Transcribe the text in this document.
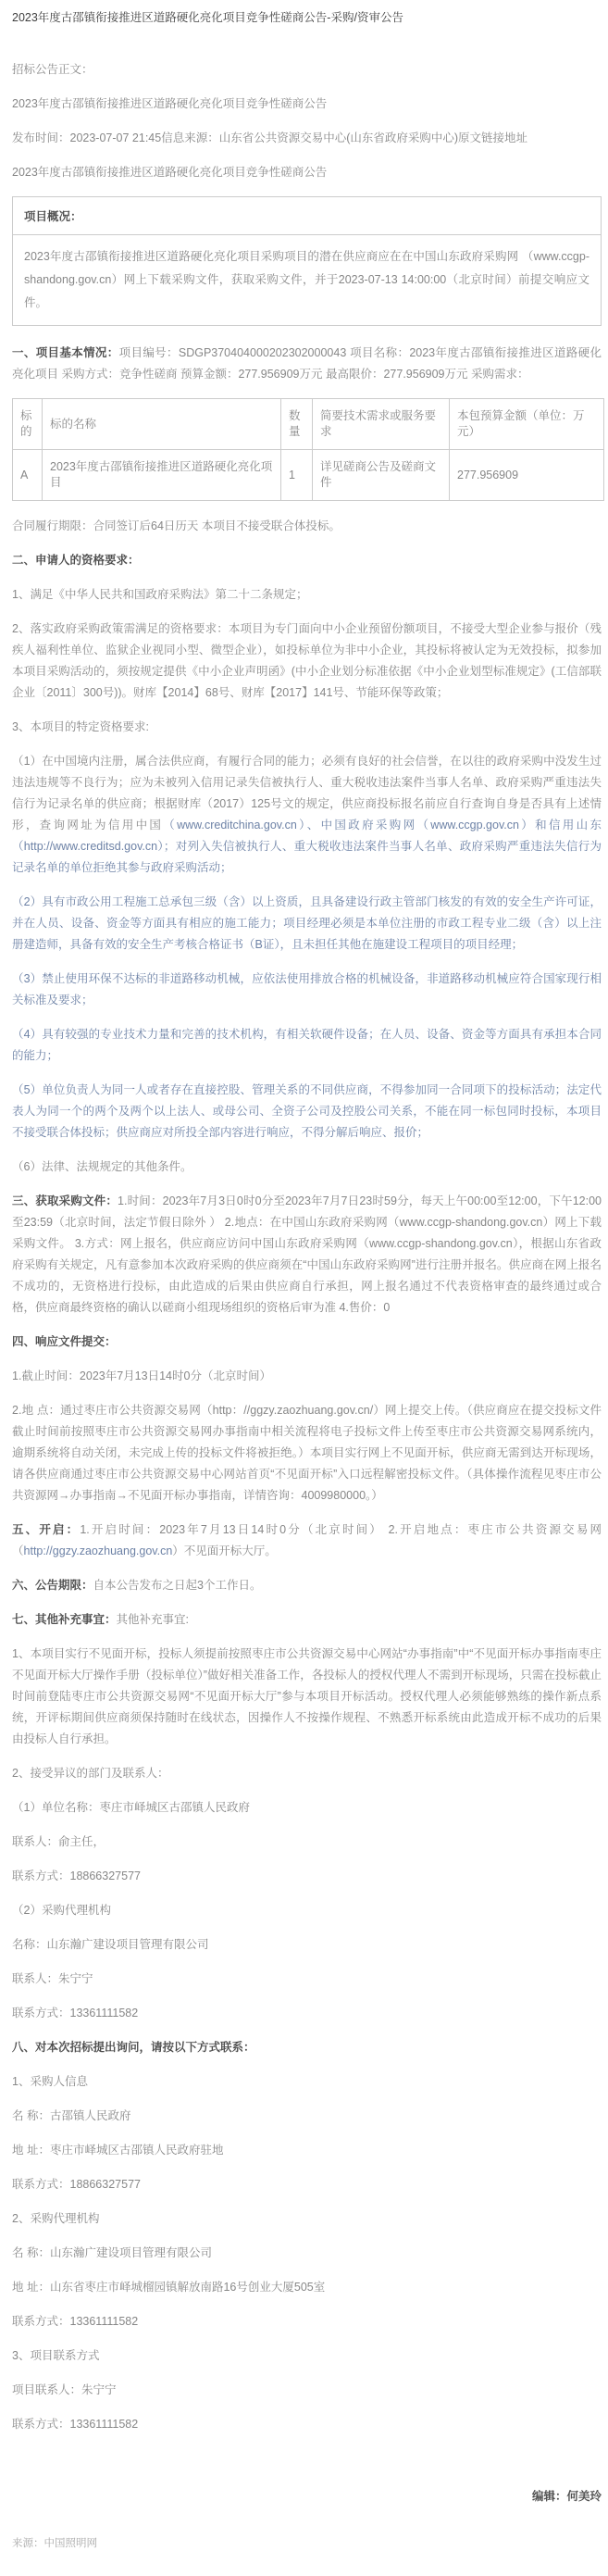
2023年度古邵镇衔接推进区道路硬化亮化项目竞争性磋商公告-采购/资审公告

招标公告正文：

2023年度古邵镇衔接推进区道路硬化亮化项目竞争性磋商公告

发布时间：2023-07-07 21:45信息来源：山东省公共资源交易中心(山东省政府采购中心)原文链接地址

2023年度古邵镇衔接推进区道路硬化亮化项目竞争性磋商公告

项目概况：
2023年度古邵镇衔接推进区道路硬化亮化项目采购项目的潜在供应商应在在中国山东政府采购网 （www.ccgp-shandong.gov.cn）网上下载采购文件，获取采购文件，并于2023-07-13 14:00:00（北京时间）前提交响应文件。

一、项目基本情况：项目编号：SDGP370404000202302000043 项目名称：2023年度古邵镇衔接推进区道路硬化亮化项目 采购方式：竞争性磋商 预算金额：277.956909万元 最高限价：277.956909万元 采购需求：

标的	标的名称	数量	简要技术需求或服务要求	本包预算金额（单位：万元）
A	2023年度古邵镇衔接推进区道路硬化亮化项目	1	详见磋商公告及磋商文件	277.956909

合同履行期限：合同签订后64日历天 本项目不接受联合体投标。

二、申请人的资格要求：

1、满足《中华人民共和国政府采购法》第二十二条规定；

2、落实政府采购政策需满足的资格要求：本项目为专门面向中小企业预留份额项目，不接受大型企业参与报价（残疾人福利性单位、监狱企业视同小型、微型企业），如投标单位为非中小企业，其投标将被认定为无效投标，拟参加本项目采购活动的，须按规定提供《中小企业声明函》(中小企业划分标准依据《中小企业划型标准规定》(工信部联企业〔2011〕300号))。财库【2014】68号、财库【2017】141号、节能环保等政策；

3、本项目的特定资格要求:

（1）在中国境内注册，属合法供应商，有履行合同的能力；必须有良好的社会信誉，在以往的政府采购中没发生过违法违规等不良行为；应为未被列入信用记录失信被执行人、重大税收违法案件当事人名单、政府采购严重违法失信行为记录名单的供应商；根据财库（2017）125号文的规定，供应商投标报名前应自行查询自身是否具有上述情形，查询网址为信用中国（www.creditchina.gov.cn）、中国政府采购网（www.ccgp.gov.cn）和信用山东（http://www.creditsd.gov.cn）；对列入失信被执行人、重大税收违法案件当事人名单、政府采购严重违法失信行为记录名单的单位拒绝其参与政府采购活动；

（2）具有市政公用工程施工总承包三级（含）以上资质，且具备建设行政主管部门核发的有效的安全生产许可证，并在人员、设备、资金等方面具有相应的施工能力；项目经理必须是本单位注册的市政工程专业二级（含）以上注册建造师，具备有效的安全生产考核合格证书（B证），且未担任其他在施建设工程项目的项目经理；

（3）禁止使用环保不达标的非道路移动机械，应依法使用排放合格的机械设备，非道路移动机械应符合国家现行相关标准及要求；

（4）具有较强的专业技术力量和完善的技术机构，有相关软硬件设备；在人员、设备、资金等方面具有承担本合同的能力；

（5）单位负责人为同一人或者存在直接控股、管理关系的不同供应商，不得参加同一合同项下的投标活动；法定代表人为同一个的两个及两个以上法人、或母公司、全资子公司及控股公司关系，不能在同一标包同时投标，本项目不接受联合体投标；供应商应对所投全部内容进行响应，不得分解后响应、报价；

（6）法律、法规规定的其他条件。

三、获取采购文件：1.时间：2023年7月3日0时0分至2023年7月7日23时59分，每天上午00:00至12:00，下午12:00至23:59（北京时间，法定节假日除外 ） 2.地点：在中国山东政府采购网（www.ccgp-shandong.gov.cn）网上下载采购文件。 3.方式：网上报名，供应商应访问中国山东政府采购网（www.ccgp-shandong.gov.cn），根据山东省政府采购有关规定，凡有意参加本次政府采购的供应商须在“中国山东政府采购网”进行注册并报名。供应商在网上报名不成功的，无资格进行投标，由此造成的后果由供应商自行承担，网上报名通过不代表资格审查的最终通过或合格，供应商最终资格的确认以磋商小组现场组织的资格后审为准 4.售价：0

四、响应文件提交：

1.截止时间：2023年7月13日14时0分（北京时间）

2.地 点：通过枣庄市公共资源交易网（http：//ggzy.zaozhuang.gov.cn/）网上提交上传。（供应商应在提交投标文件截止时间前按照枣庄市公共资源交易网办事指南中相关流程将电子投标文件上传至枣庄市公共资源交易网系统内，逾期系统将自动关闭，未完成上传的投标文件将被拒绝。）本项目实行网上不见面开标，供应商无需到达开标现场，请各供应商通过枣庄市公共资源交易中心网站首页“不见面开标”入口远程解密投标文件。（具体操作流程见枣庄市公共资源网→办事指南→不见面开标办事指南，详情咨询：4009980000。）

五、开启：1.开启时间：2023年7月13日14时0分（北京时间） 2.开启地点：枣庄市公共资源交易网（http://ggzy.zaozhuang.gov.cn）不见面开标大厅。

六、公告期限：自本公告发布之日起3个工作日。

七、其他补充事宜：其他补充事宜:

1、本项目实行不见面开标，投标人须提前按照枣庄市公共资源交易中心网站“办事指南”中“不见面开标办事指南枣庄不见面开标大厅操作手册（投标单位）”做好相关准备工作，各投标人的授权代理人不需到开标现场，只需在投标截止时间前登陆枣庄市公共资源交易网“不见面开标大厅”参与本项目开标活动。授权代理人必须能够熟练的操作新点系统，开评标期间供应商须保持随时在线状态，因操作人不按操作规程、不熟悉开标系统由此造成开标不成功的后果由投标人自行承担。

2、接受异议的部门及联系人：

（1）单位名称：枣庄市峄城区古邵镇人民政府

联系人：俞主任，

联系方式：18866327577

（2）采购代理机构

名称：山东瀚广建设项目管理有限公司

联系人：朱宁宁

联系方式：13361111582

八、对本次招标提出询问，请按以下方式联系：

1、采购人信息

名 称：古邵镇人民政府

地 址：枣庄市峄城区古邵镇人民政府驻地

联系方式：18866327577

2、采购代理机构

名 称：山东瀚广建设项目管理有限公司

地 址：山东省枣庄市峄城榴园镇解放南路16号创业大厦505室

联系方式：13361111582

3、项目联系方式

项目联系人：朱宁宁

联系方式：13361111582

编辑：何美玲
来源：中国照明网
